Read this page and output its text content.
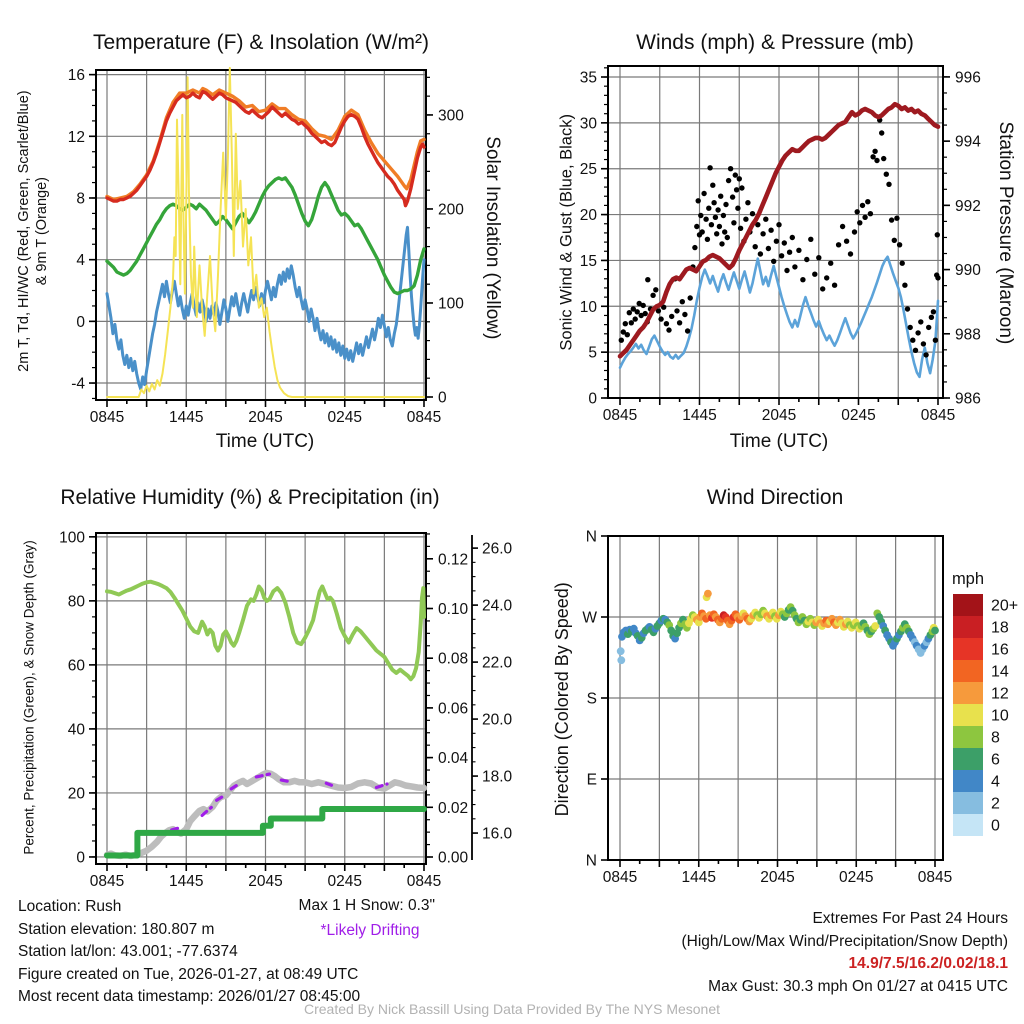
0845	1445	2045	0245	0845
16
12
8
4
0
-4
300
200
100
0
Temperature (F) & Insolation (W/m²)
2m T, Td, HI/WC (Red, Green, Scarlet/Blue) & 9m T (Orange)	Solar Insolation (Yellow)
Time (UTC)
0845	1445	2045	0245	0845
35
30
25
20
15
10
5
0
996
994
992
990
988
986
Winds (mph) & Pressure (mb)
Sonic Wind & Gust (Blue, Black)	Station Pressure (Maroon)
Time (UTC)
0845	1445	2045	0245	0845
100
80
60
40
20
0
0.12
0.10
0.08
0.06
0.04
0.02
0.00
26.0
24.0
22.0
20.0
18.0
16.0
Relative Humidity (%) & Precipitation (in)
Percent, Precipitation (Green), & Snow Depth (Gray)
0845	1445	2045	0245	0845
N
W
S
E
N
mph
20+
18
16
14
12
10
8
6
4
2
0
Wind Direction
Direction (Colored By Speed)
Location: Rush
Station elevation: 180.807 m
Station lat/lon: 43.001; -77.6374
Figure created on Tue, 2026-01-27, at 08:49 UTC
Most recent data timestamp: 2026/01/27 08:45:00
Max 1 H Snow: 0.3"
*Likely Drifting
Extremes For Past 24 Hours
(High/Low/Max Wind/Precipitation/Snow Depth)
14.9/7.5/16.2/0.02/18.1
Max Gust: 30.3 mph On 01/27 at 0415 UTC
Created By Nick Bassill Using Data Provided By The NYS Mesonet
